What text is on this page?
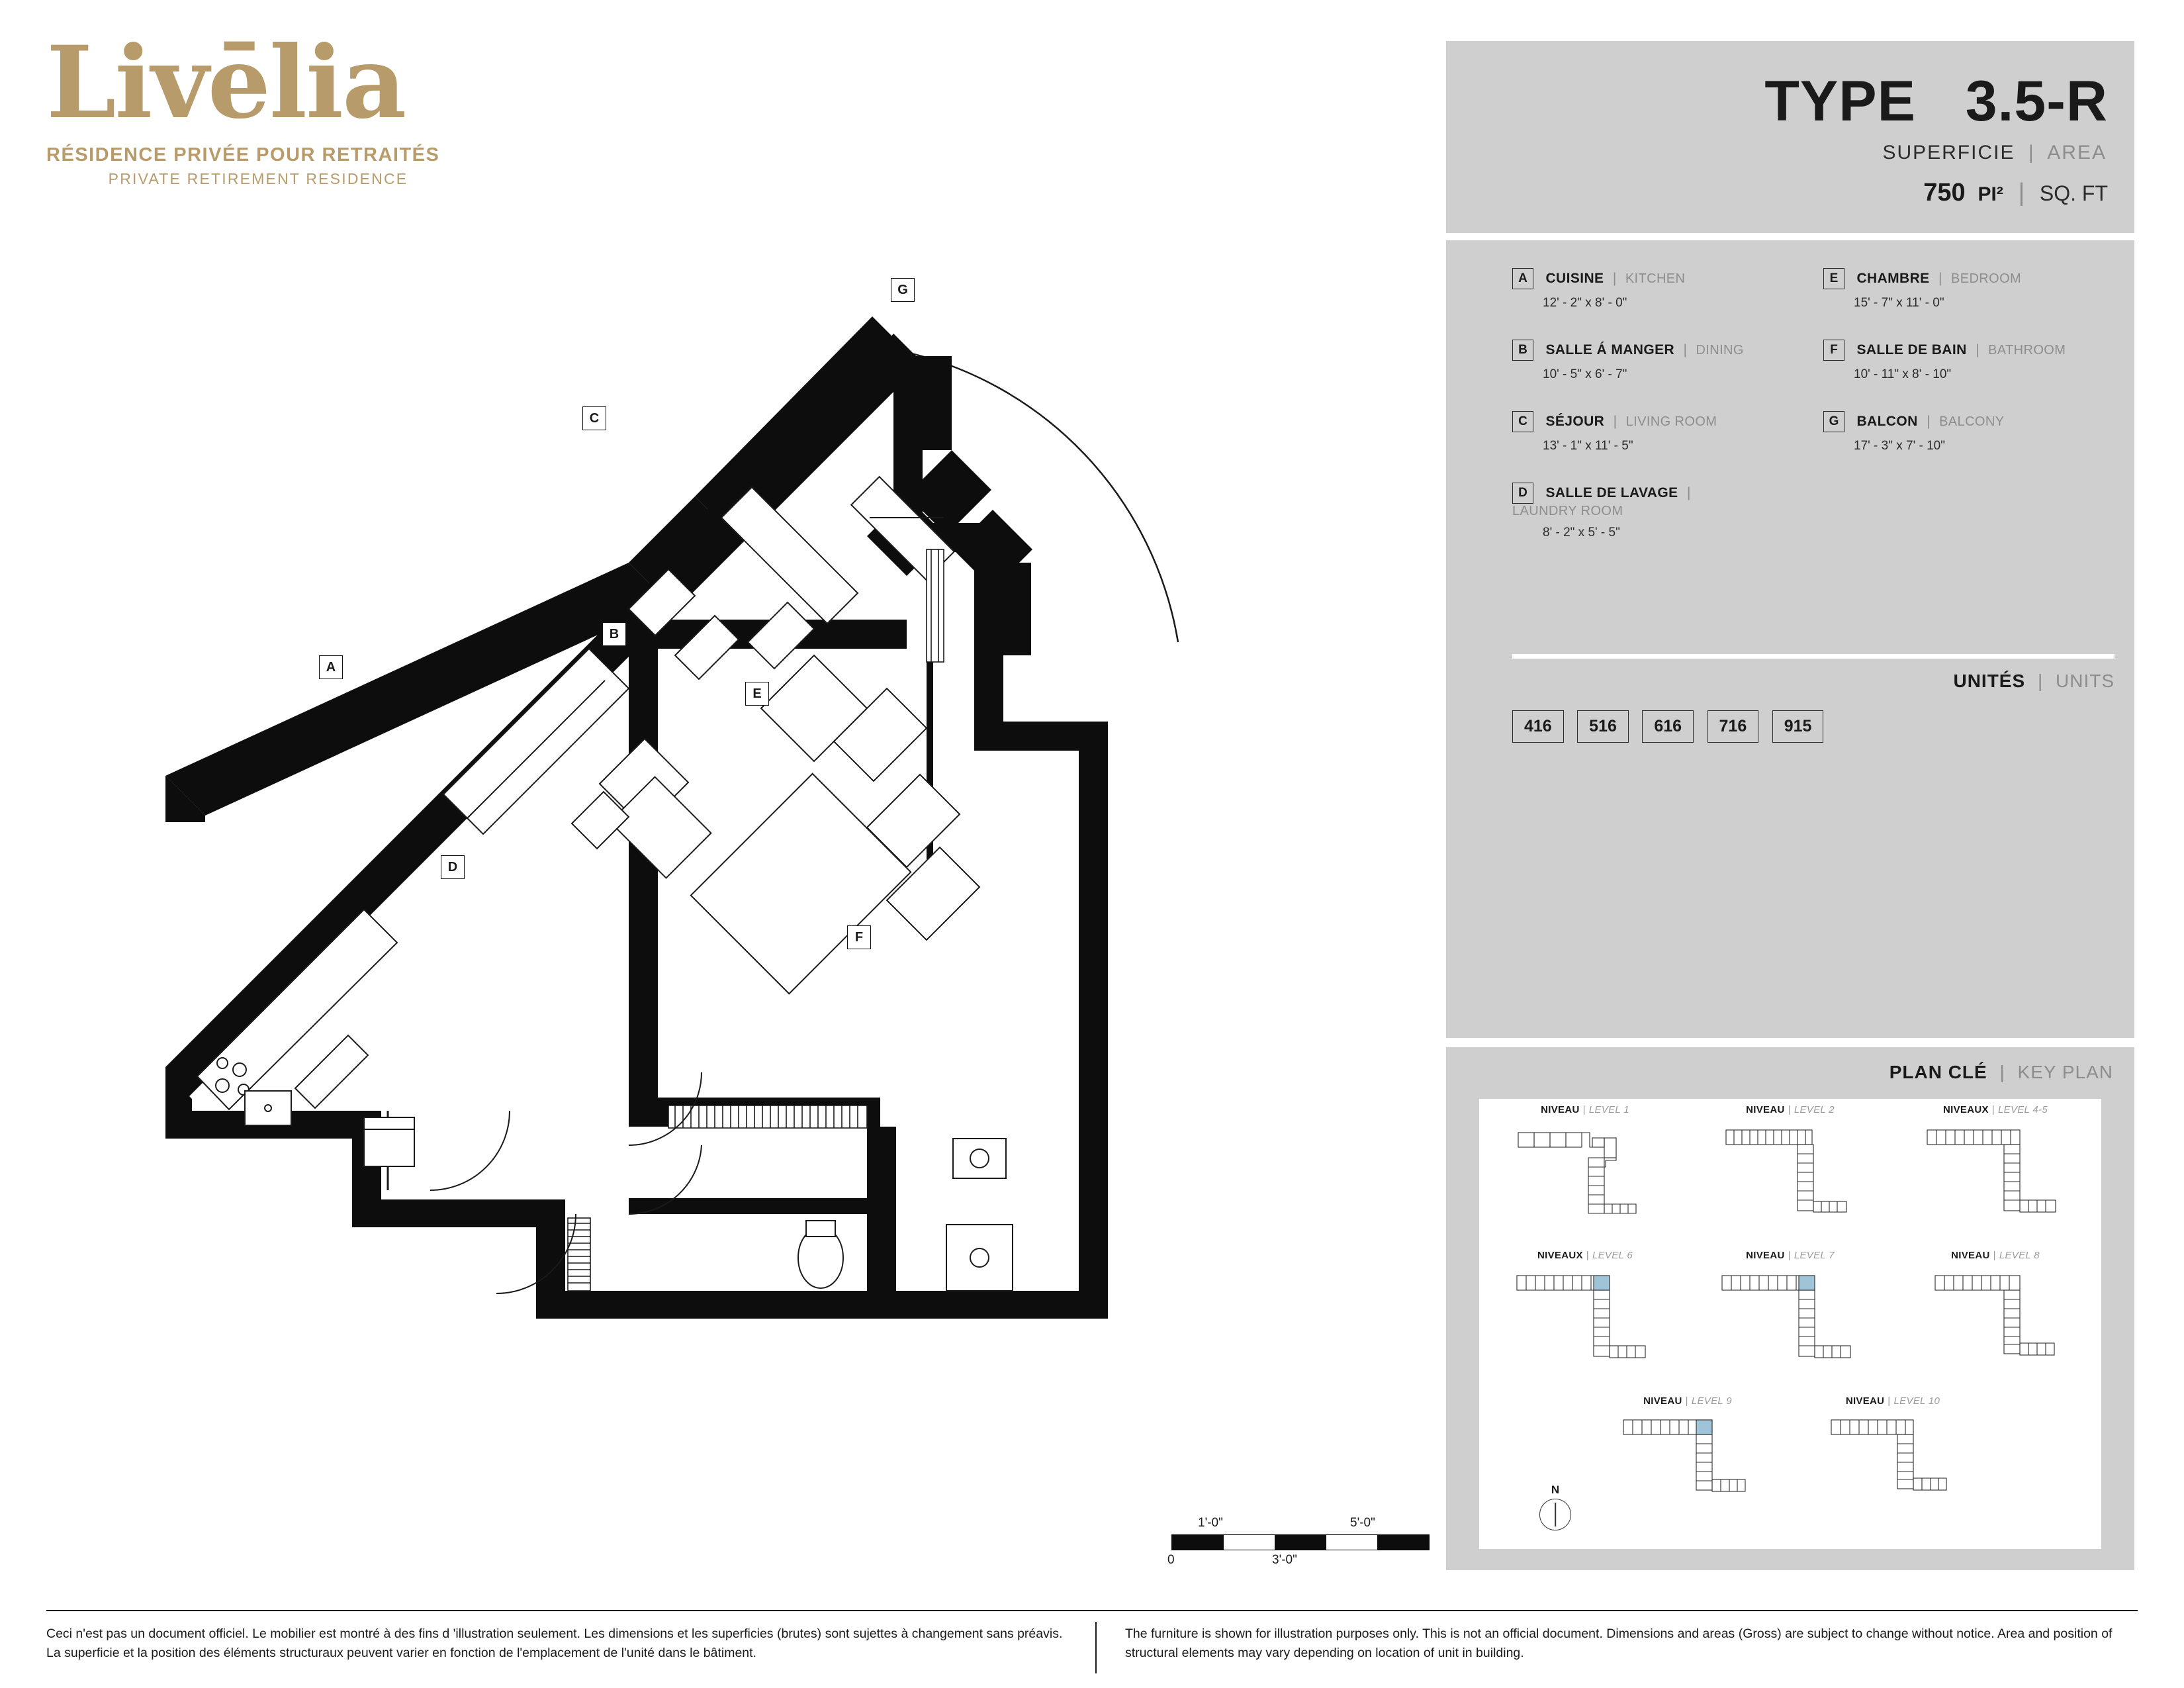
Livēlia
RÉSIDENCE PRIVÉE POUR RETRAITÉS
PRIVATE RETIREMENT RESIDENCE
TYPE 3.5-R
SUPERFICIE | AREA
750 PI² | SQ. FT
A CUISINE | KITCHEN
12' - 2" x 8' - 0"
B SALLE Á MANGER | DINING
10' - 5" x 6' - 7"
C SÉJOUR | LIVING ROOM
13' - 1" x 11' - 5"
D SALLE DE LAVAGE | LAUNDRY ROOM
8' - 2" x 5' - 5"
E CHAMBRE | BEDROOM
15' - 7" x 11' - 0"
F SALLE DE BAIN | BATHROOM
10' - 11" x 8' - 10"
G BALCON | BALCONY
17' - 3" x 7' - 10"
UNITÉS | UNITS
416 516 616 716 915
PLAN CLÉ | KEY PLAN
NIVEAU | LEVEL 1	NIVEAU | LEVEL 2	NIVEAUX | LEVEL 4-5
NIVEAUX | LEVEL 6	NIVEAU | LEVEL 7	NIVEAU | LEVEL 8
NIVEAU | LEVEL 9	NIVEAU | LEVEL 10
N
A
B
C
D
E
F
G
1'-0"	5'-0"
0	3'-0"
Ceci n'est pas un document officiel. Le mobilier est montré à des fins d 'illustration seulement. Les dimensions et les superficies (brutes) sont sujettes à changement sans préavis. La superficie et la position des éléments structuraux peuvent varier en fonction de l'emplacement de l'unité dans le bâtiment.
The furniture is shown for illustration purposes only. This is not an official document. Dimensions and areas (Gross) are subject to change without notice. Area and position of structural elements may vary depending on location of unit in building.
